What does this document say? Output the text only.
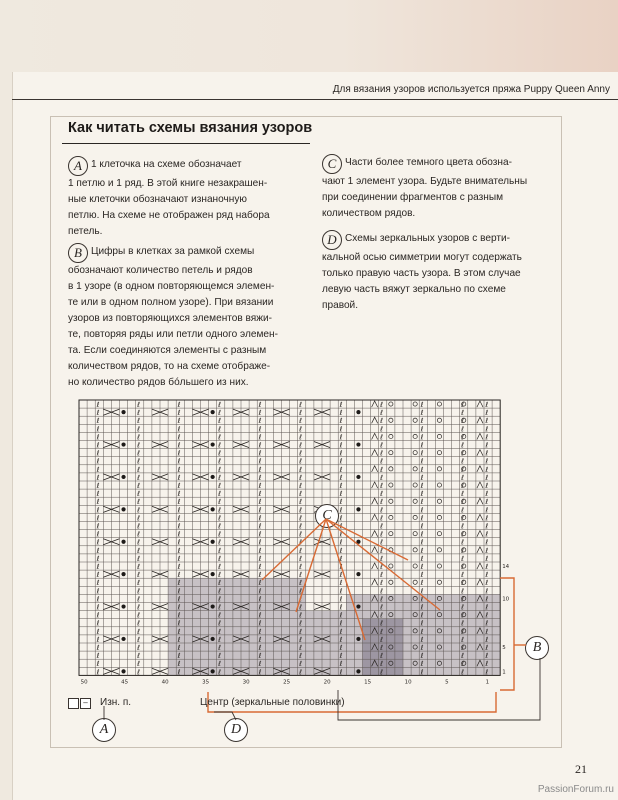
Для вязания узоров используется пряжа Puppy Queen Anny
Как читать схемы вязания узоров

A 1 клеточка на схеме обозначает

1 петлю и 1 ряд. В этой книге незакрашен-

ные клеточки обозначают изнаночную

петлю. На схеме не отображен ряд набора

петель.

B Цифры в клетках за рамкой схемы

обозначают количество петель и рядов

в 1 узоре (в одном повторяющемся элемен-

те или в одном полном узоре). При вязании

узоров из повторяющихся элементов вяжи-

те, повторяя ряды или петли одного элемен-

та. Если соединяются элементы с разным

количеством рядов, то на схеме отображе-

но количество рядов бóльшего из них.

C Части более темного цвета обозна-

чают 1 элемент узора. Будьте внимательны

при соединении фрагментов с разным

количеством рядов.

D Схемы зеркальных узоров с верти-

кальной осью симметрии могут содержать

только правую часть узора. В этом случае

левую часть вяжут зеркально по схеме

правой.

ℓ	ℓ	ℓ	ℓ	ℓ	ℓ	ℓ	ℓ	ℓ	ℓ	ℓ
ℓ	ℓ	ℓ	ℓ	ℓ	ℓ	ℓ	ℓ	ℓ	ℓ	ℓ
ℓ	ℓ	ℓ	ℓ	ℓ	ℓ	ℓ	ℓ	ℓ	ℓ	ℓ
ℓ	ℓ	ℓ	ℓ	ℓ	ℓ	ℓ	ℓ	ℓ	ℓ	ℓ
ℓ	ℓ	ℓ	ℓ	ℓ	ℓ	ℓ	ℓ	ℓ	ℓ	ℓ
ℓ	ℓ	ℓ	ℓ	ℓ	ℓ	ℓ	ℓ	ℓ	ℓ	ℓ
ℓ	ℓ	ℓ	ℓ	ℓ	ℓ	ℓ	ℓ	ℓ	ℓ	ℓ
ℓ	ℓ	ℓ	ℓ	ℓ	ℓ	ℓ	ℓ	ℓ	ℓ	ℓ
ℓ	ℓ	ℓ	ℓ	ℓ	ℓ	ℓ	ℓ	ℓ	ℓ	ℓ
ℓ	ℓ	ℓ	ℓ	ℓ	ℓ	ℓ	ℓ	ℓ	ℓ	ℓ
ℓ	ℓ	ℓ	ℓ	ℓ	ℓ	ℓ	ℓ	ℓ	ℓ	ℓ
ℓ	ℓ	ℓ	ℓ	ℓ	ℓ	ℓ	ℓ	ℓ	ℓ	ℓ
ℓ	ℓ	ℓ	ℓ	ℓ	ℓ	ℓ	ℓ	ℓ	ℓ	ℓ
ℓ	ℓ	ℓ	ℓ	ℓ	ℓ	ℓ	ℓ	ℓ	ℓ	ℓ
ℓ	ℓ	ℓ	ℓ	ℓ	ℓ	ℓ	ℓ	ℓ	ℓ	ℓ
ℓ	ℓ	ℓ	ℓ	ℓ	ℓ	ℓ	ℓ	ℓ	ℓ	ℓ
ℓ	ℓ	ℓ	ℓ	ℓ	ℓ	ℓ	ℓ	ℓ	ℓ	ℓ
ℓ	ℓ	ℓ	ℓ	ℓ	ℓ	ℓ	ℓ	ℓ	ℓ	ℓ
ℓ	ℓ	ℓ	ℓ	ℓ	ℓ	ℓ	ℓ	ℓ	ℓ	ℓ
ℓ	ℓ	ℓ	ℓ	ℓ	ℓ	ℓ	ℓ	ℓ	ℓ	ℓ
ℓ	ℓ	ℓ	ℓ	ℓ	ℓ	ℓ	ℓ	ℓ	ℓ	ℓ
ℓ	ℓ	ℓ	ℓ	ℓ	ℓ	ℓ	ℓ	ℓ	ℓ	ℓ
ℓ	ℓ	ℓ	ℓ	ℓ	ℓ	ℓ	ℓ	ℓ	ℓ	ℓ
ℓ	ℓ	ℓ	ℓ	ℓ	ℓ	ℓ	ℓ	ℓ	ℓ	ℓ
ℓ	ℓ	ℓ	ℓ	ℓ	ℓ	ℓ	ℓ	ℓ	ℓ	ℓ
ℓ	ℓ	ℓ	ℓ	ℓ	ℓ	ℓ	ℓ	ℓ	ℓ	ℓ
ℓ	ℓ	ℓ	ℓ	ℓ	ℓ	ℓ	ℓ	ℓ	ℓ	ℓ
ℓ	ℓ	ℓ	ℓ	ℓ	ℓ	ℓ	ℓ	ℓ	ℓ	ℓ
ℓ	ℓ	ℓ	ℓ	ℓ	ℓ	ℓ	ℓ	ℓ	ℓ	ℓ
ℓ	ℓ	ℓ	ℓ	ℓ	ℓ	ℓ	ℓ	ℓ	ℓ	ℓ
ℓ	ℓ	ℓ	ℓ	ℓ	ℓ	ℓ	ℓ	ℓ	ℓ	ℓ
ℓ	ℓ	ℓ	ℓ	ℓ	ℓ	ℓ	ℓ	ℓ	ℓ	ℓ
ℓ	ℓ	ℓ	ℓ	ℓ	ℓ	ℓ	ℓ	ℓ	ℓ	ℓ
ℓ	ℓ	ℓ	ℓ	ℓ	ℓ	ℓ	ℓ	ℓ	ℓ	ℓ
50	45	40	35	30	25	20	15	10	5	1
14
10
5
1
C
B
A	D
–	Изн. п.	Центр (зеркальные половинки)
21
PassionForum.ru
